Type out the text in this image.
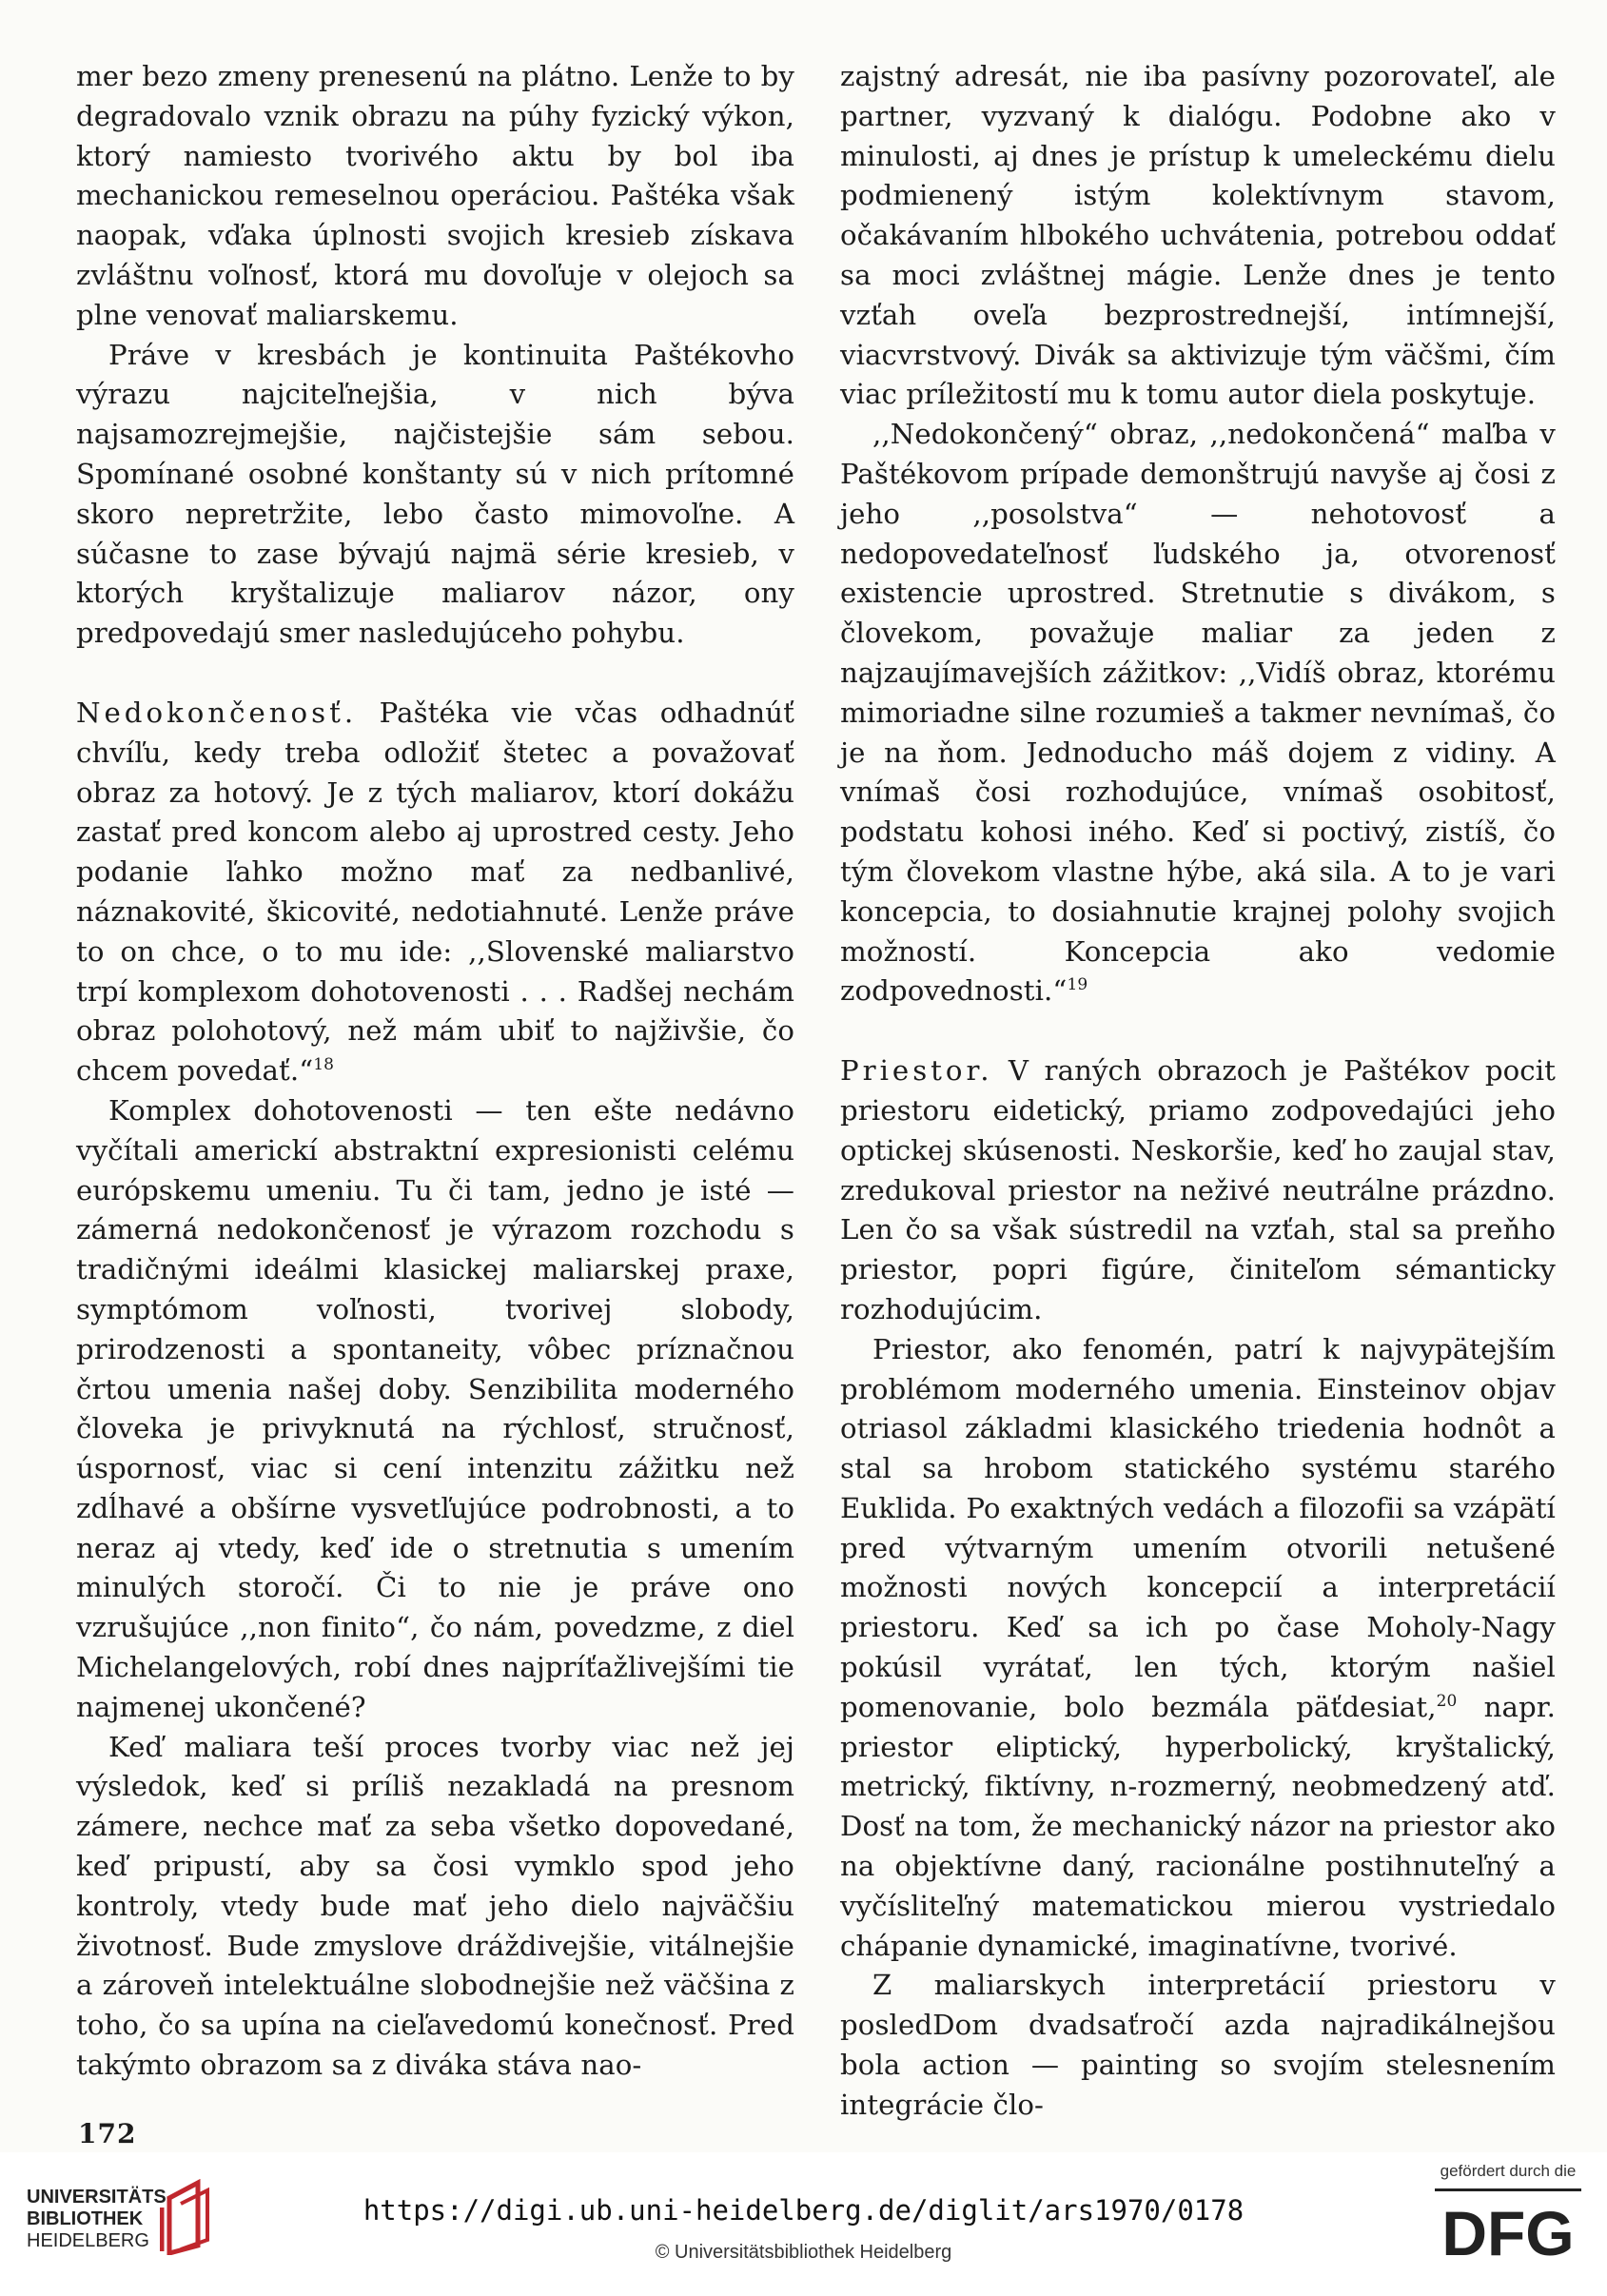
mer bezo zmeny prenesenú na plátno. Lenže to by degradovalo vznik obrazu na púhy fyzický výkon, ktorý namiesto tvorivého aktu by bol iba mechanickou remeselnou operáciou. Paštéka však naopak, vďaka úplnosti svojich kresieb získava zvláštnu voľnosť, ktorá mu dovoľuje v olejoch sa plne venovať maliarskemu.

Práve v kresbách je kontinuita Paštékovho výrazu najciteľnejšia, v nich býva najsamozrejmejšie, najčistejšie sám sebou. Spomínané osobné konštanty sú v nich prítomné skoro nepretržite, lebo často mimovoľne. A súčasne to zase bývajú najmä série kresieb, v ktorých kryštalizuje maliarov názor, ony predpovedajú smer nasledujúceho pohybu.

Nedokončenosť. Paštéka vie včas odhadnúť chvíľu, kedy treba odložiť štetec a považovať obraz za hotový. Je z tých maliarov, ktorí dokážu zastať pred koncom alebo aj uprostred cesty. Jeho podanie ľahko možno mať za nedbanlivé, náznakovité, škicovité, nedotiahnuté. Lenže práve to on chce, o to mu ide: ,,Slovenské maliarstvo trpí komplexom dohotovenosti . . . Radšej nechám obraz polohotový, než mám ubiť to najživšie, čo chcem povedať.“$^{18}$

Komplex dohotovenosti — ten ešte nedávno vyčítali americkí abstraktní expresionisti celému európskemu umeniu. Tu či tam, jedno je isté — zámerná nedokončenosť je výrazom rozchodu s tradičnými ideálmi klasickej maliarskej praxe, symptómom voľnosti, tvorivej slobody, prirodzenosti a spontaneity, vôbec príznačnou črtou umenia našej doby. Senzibilita moderného človeka je privyknutá na rýchlosť, stručnosť, úspornosť, viac si cení intenzitu zážitku než zdĺhavé a obšírne vysvetľujúce podrobnosti, a to neraz aj vtedy, keď ide o stretnutia s umením minulých storočí. Či to nie je práve ono vzrušujúce ,,non finito“, čo nám, povedzme, z diel Michelangelových, robí dnes najpríťažlivejšími tie najmenej ukončené?

Keď maliara teší proces tvorby viac než jej výsledok, keď si príliš nezakladá na presnom zámere, nechce mať za seba všetko dopovedané, keď pripustí, aby sa čosi vymklo spod jeho kontroly, vtedy bude mať jeho dielo najväčšiu životnosť. Bude zmyslove dráždivejšie, vitálnejšie a zároveň intelektuálne slobodnejšie než väčšina z toho, čo sa upína na cieľavedomú konečnosť. Pred takýmto obrazom sa z diváka stáva nao-

zajstný adresát, nie iba pasívny pozorovateľ, ale partner, vyzvaný k dialógu. Podobne ako v minulosti, aj dnes je prístup k umeleckému dielu podmienený istým kolektívnym stavom, očakávaním hlbokého uchvátenia, potrebou oddať sa moci zvláštnej mágie. Lenže dnes je tento vzťah oveľa bezprostrednejší, intímnejší, viacvrstvový. Divák sa aktivizuje tým väčšmi, čím viac príležitostí mu k tomu autor diela poskytuje.

,,Nedokončený“ obraz, ,,nedokončená“ maľba v Paštékovom prípade demonštrujú navyše aj čosi z jeho ,,posolstva“ — nehotovosť a nedopovedateľnosť ľudského ja, otvorenosť existencie uprostred. Stretnutie s divákom, s človekom, považuje maliar za jeden z najzaujímavejších zážitkov: ,,Vidíš obraz, ktorému mimoriadne silne rozumieš a takmer nevnímaš, čo je na ňom. Jednoducho máš dojem z vidiny. A vnímaš čosi rozhodujúce, vnímaš osobitosť, podstatu kohosi iného. Keď si poctivý, zistíš, čo tým človekom vlastne hýbe, aká sila. A to je vari koncepcia, to dosiahnutie krajnej polohy svojich možností. Koncepcia ako vedomie zodpovednosti.“$^{19}$

Priestor. V raných obrazoch je Paštékov pocit priestoru eidetický, priamo zodpovedajúci jeho optickej skúsenosti. Neskoršie, keď ho zaujal stav, zredukoval priestor na neživé neutrálne prázdno. Len čo sa však sústredil na vzťah, stal sa preňho priestor, popri figúre, činiteľom sémanticky rozhodujúcim.

Priestor, ako fenomén, patrí k najvypätejším problémom moderného umenia. Einsteinov objav otriasol základmi klasického triedenia hodnôt a stal sa hrobom statického systému starého Euklida. Po exaktných vedách a filozofii sa vzápätí pred výtvarným umením otvorili netušené možnosti nových koncepcií a interpretácií priestoru. Keď sa ich po čase Moholy-Nagy pokúsil vyrátať, len tých, ktorým našiel pomenovanie, bolo bezmála päťdesiat,$^{20}$ napr. priestor eliptický, hyperbolický, kryštalický, metrický, fiktívny, n-rozmerný, neobmedzený atď. Dosť na tom, že mechanický názor na priestor ako na objektívne daný, racionálne postihnuteľný a vyčísliteľný matematickou mierou vystriedalo chápanie dynamické, imaginatívne, tvorivé.

Z maliarskych interpretácií priestoru v posledDom dvadsaťročí azda najradikálnejšou bola action — painting so svojím stelesnením integrácie člo-

172
UNIVERSITÄTS-
BIBLIOTHEK
HEIDELBERG
https://digi.ub.uni-heidelberg.de/diglit/ars1970/0178
© Universitätsbibliothek Heidelberg
gefördert durch die
DFG
